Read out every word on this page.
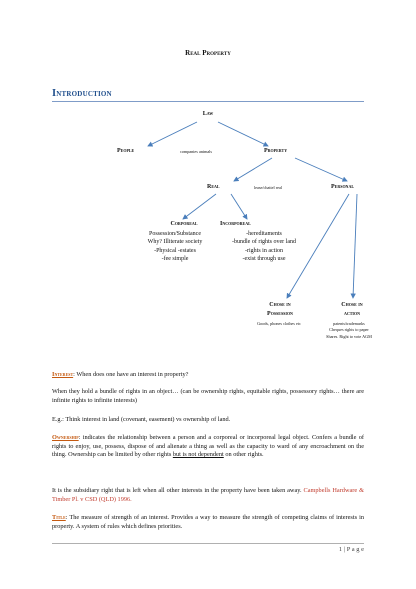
Real Property
Introduction
Law
People	companies animals	Property
Real	lease/chattel real	Personal
Corporeal
Possession/Substance
Why? Illiterate society
-Physical -estates
-fee simple
Incorporeal
-hereditaments
-bundle of rights over land
-rights in action
-exist through use
Chose in
Possession
Goods, phones clothes etc
Chose in
action
patents/trademarks
Cheques rights to paper
Shares. Right to vote AGM
Interest: When does one have an interest in property?
When they hold a bundle of rights in an object… (can be ownership rights, equitable rights, possessory rights… there are infinite rights to infinite interests)
E.g.: Think interest in land (covenant, easement) vs ownership of land.
Ownership: indicates the relationship between a person and a corporeal or incorporeal legal object. Confers a bundle of rights to enjoy, use, possess, dispose of and alienate a thing as well as the capacity to ward of any encroachment on the thing. Ownership can be limited by other rights but is not dependent on other rights.
It is the subsidiary right that is left when all other interests in the property have been taken away. Campbells Hardware & Timber Pl. v CSD (QLD) 1996.
Title: The measure of strength of an interest. Provides a way to measure the strength of competing claims of interests in property. A system of rules which defines priorities.
1 | P a g e
